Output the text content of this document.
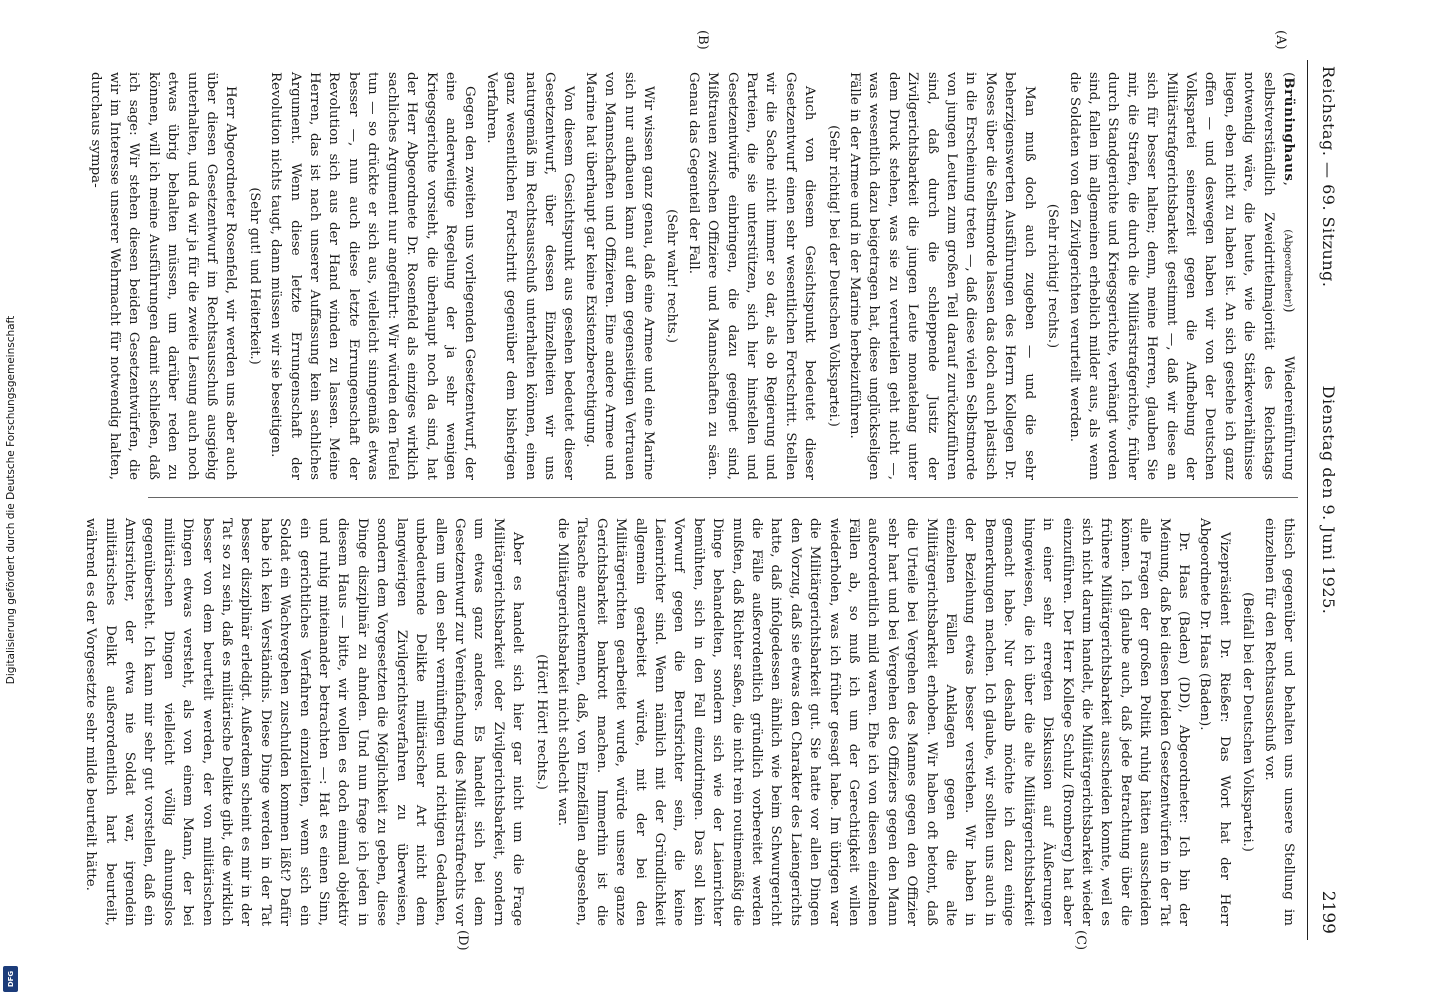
Digitalisierung gefördert durch die Deutsche Forschungsgemeinschaft
DFG
Reichstag. — 69. Sitzung.
Dienstag den 9. Juni 1925.
2199
(A)
(B)
(C)
(D)

(Brüninghaus, (Abgeordneter)) Wiedereinführung selbstverständlich Zweidrittelmajorität des Reichstags notwendig wäre, die heute, wie die Stärkeverhältnisse liegen, eben nicht zu haben ist. An sich gestehe ich ganz offen — und deswegen haben wir von der Deutschen Volkspartei seinerzeit gegen die Aufhebung der Militärstrafgerichtsbarkeit gestimmt —, daß wir diese an sich für besser halten; denn, meine Herren, glauben Sie mir, die Strafen, die durch die Militärstrafgerichte, früher durch Standgerichte und Kriegsgerichte, verhängt worden sind, fallen im allgemeinen erheblich milder aus, als wenn die Soldaten von den Zivilgerichten verurteilt werden.

(Sehr richtig! rechts.)

Man muß doch auch zugeben — und die sehr beherzigenswerten Ausführungen des Herrn Kollegen Dr. Moses über die Selbstmorde lassen das doch auch plastisch in die Erscheinung treten —, daß diese vielen Selbstmorde von jungen Leuten zum großen Teil darauf zurückzuführen sind, daß durch die schleppende Justiz der Zivilgerichtsbarkeit die jungen Leute monatelang unter dem Druck stehen, was sie zu verurteilen geht nicht —, was wesentlich dazu beigetragen hat, diese unglückseligen Fälle in der Armee und in der Marine herbeizuführen.

(Sehr richtig! bei der Deutschen Volkspartei.)

Auch von diesem Gesichtspunkt bedeutet dieser Gesetzentwurf einen sehr wesentlichen Fortschritt. Stellen wir die Sache nicht immer so dar, als ob Regierung und Parteien, die sie unterstützen, sich hier hinstellen und Gesetzentwürfe einbringen, die dazu geeignet sind, Mißtrauen zwischen Offiziere und Mannschaften zu säen. Genau das Gegenteil der Fall.

(Sehr wahr! rechts.)

Wir wissen ganz genau, daß eine Armee und eine Marine sich nur aufbauen kann auf dem gegenseitigen Vertrauen von Mannschaften und Offizieren. Eine andere Armee und Marine hat überhaupt gar keine Existenzberechtigung.

Von diesem Gesichtspunkt aus gesehen bedeutet dieser Gesetzentwurf, über dessen Einzelheiten wir uns naturgemäß im Rechtsausschuß unterhalten können, einen ganz wesentlichen Fortschritt gegenüber dem bisherigen Verfahren.

Gegen den zweiten uns vorliegenden Gesetzentwurf, der eine anderweitige Regelung der ja sehr wenigen Kriegsgerichte vorsieht, die überhaupt noch da sind, hat der Herr Abgeordnete Dr. Rosenfeld als einziges wirklich sachliches Argument nur angeführt: Wir würden den Teufel tun — so drückte er sich aus, vielleicht sinngemäß etwas besser —, nun auch diese letzte Errungenschaft der Revolution sich aus der Hand winden zu lassen. Meine Herren, das ist nach unserer Auffassung kein sachliches Argument. Wenn diese letzte Errungenschaft der Revolution nichts taugt, dann müssen wir sie beseitigen.

(Sehr gut! und Heiterkeit.)

Herr Abgeordneter Rosenfeld, wir werden uns aber auch über diesen Gesetzentwurf im Rechtsausschuß ausgiebig unterhalten, und da wir ja für die zweite Lesung auch noch etwas übrig behalten müssen, um darüber reden zu können, will ich meine Ausführungen damit schließen, daß ich sage: Wir stehen diesen beiden Gesetzentwürfen, die wir im Interesse unserer Wehrmacht für notwendig halten, durchaus sympa-

thisch gegenüber und behalten uns unsere Stellung im einzelnen für den Rechtsausschuß vor.

(Beifall bei der Deutschen Volkspartei.)

Vizepräsident Dr. Rießer: Das Wort hat der Herr Abgeordnete Dr. Haas (Baden).

Dr. Haas (Baden) (DD), Abgeordneter: Ich bin der Meinung, daß bei diesen beiden Gesetzentwürfen in der Tat alle Fragen der großen Politik ruhig hätten ausscheiden können. Ich glaube auch, daß jede Betrachtung über die frühere Militärgerichtsbarkeit ausscheiden konnte, weil es sich nicht darum handelt, die Militärgerichtsbarkeit wieder einzuführen. Der Herr Kollege Schulz (Bromberg) hat aber in einer sehr erregten Diskussion auf Äußerungen hingewiesen, die ich über die alte Militärgerichtsbarkeit gemacht habe. Nur deshalb möchte ich dazu einige Bemerkungen machen. Ich glaube, wir sollten uns auch in der Beziehung etwas besser verstehen. Wir haben in einzelnen Fällen Anklagen gegen die alte Militärgerichtsbarkeit erhoben. Wir haben oft betont, daß die Urteile bei Vergehen des Mannes gegen den Offizier sehr hart und bei Vergehen des Offiziers gegen den Mann außerordentlich mild waren. Ehe ich von diesen einzelnen Fällen ab, so muß ich um der Gerechtigkeit willen wiederholen, was ich früher gesagt habe. Im übrigen war die Militärgerichtsbarkeit gut. Sie hatte vor allen Dingen den Vorzug, daß sie etwas den Charakter des Laiengerichts hatte, daß infolgedessen ähnlich wie beim Schwurgericht die Fälle außerordentlich gründlich vorbereitet werden mußten, daß Richter saßen, die nicht rein routinemäßig die Dinge behandelten, sondern sich wie der Laienrichter bemühten, sich in den Fall einzudringen. Das soll kein Vorwurf gegen die Berufsrichter sein, die keine Laienrichter sind. Wenn nämlich mit der Gründlichkeit allgemein gearbeitet würde, mit der bei den Militärgerichten gearbeitet wurde, würde unsere ganze Gerichtsbarkeit bankrott machen. Immerhin ist die Tatsache anzuerkennen, daß, von Einzelfällen abgesehen, die Militärgerichtsbarkeit nicht schlecht war.

(Hört! Hört! rechts.)

Aber es handelt sich hier gar nicht um die Frage Militärgerichtsbarkeit oder Zivilgerichtsbarkeit, sondern um etwas ganz anderes. Es handelt sich bei dem Gesetzentwurf zur Vereinfachung des Militärstrafrechts vor allem um den sehr vernünftigen und richtigen Gedanken, unbedeutende Delikte militärischer Art nicht dem langwierigen Zivilgerichtsverfahren zu überweisen, sondern dem Vorgesetzten die Möglichkeit zu geben, diese Dinge disziplinär zu ahnden. Und nun frage ich jeden in diesem Haus — bitte, wir wollen es doch einmal objektiv und ruhig miteinander betrachten —: Hat es einen Sinn, ein gerichtliches Verfahren einzuleiten, wenn sich ein Soldat ein Wachvergehen zuschulden kommen läßt? Dafür habe ich kein Verständnis. Diese Dinge werden in der Tat besser disziplinär erledigt. Außerdem scheint es mir in der Tat so zu sein, daß es militärische Delikte gibt, die wirklich besser von dem beurteilt werden, der von militärischen Dingen etwas versteht, als von einem Mann, der bei militärischen Dingen vielleicht völlig ahnungslos gegenübersteht. Ich kann mir sehr gut vorstellen, daß ein Amtsrichter, der etwa nie Soldat war, irgendein militärisches Delikt außerordentlich hart beurteilt, während es der Vorgesetzte sehr milde beurteilt hätte.
